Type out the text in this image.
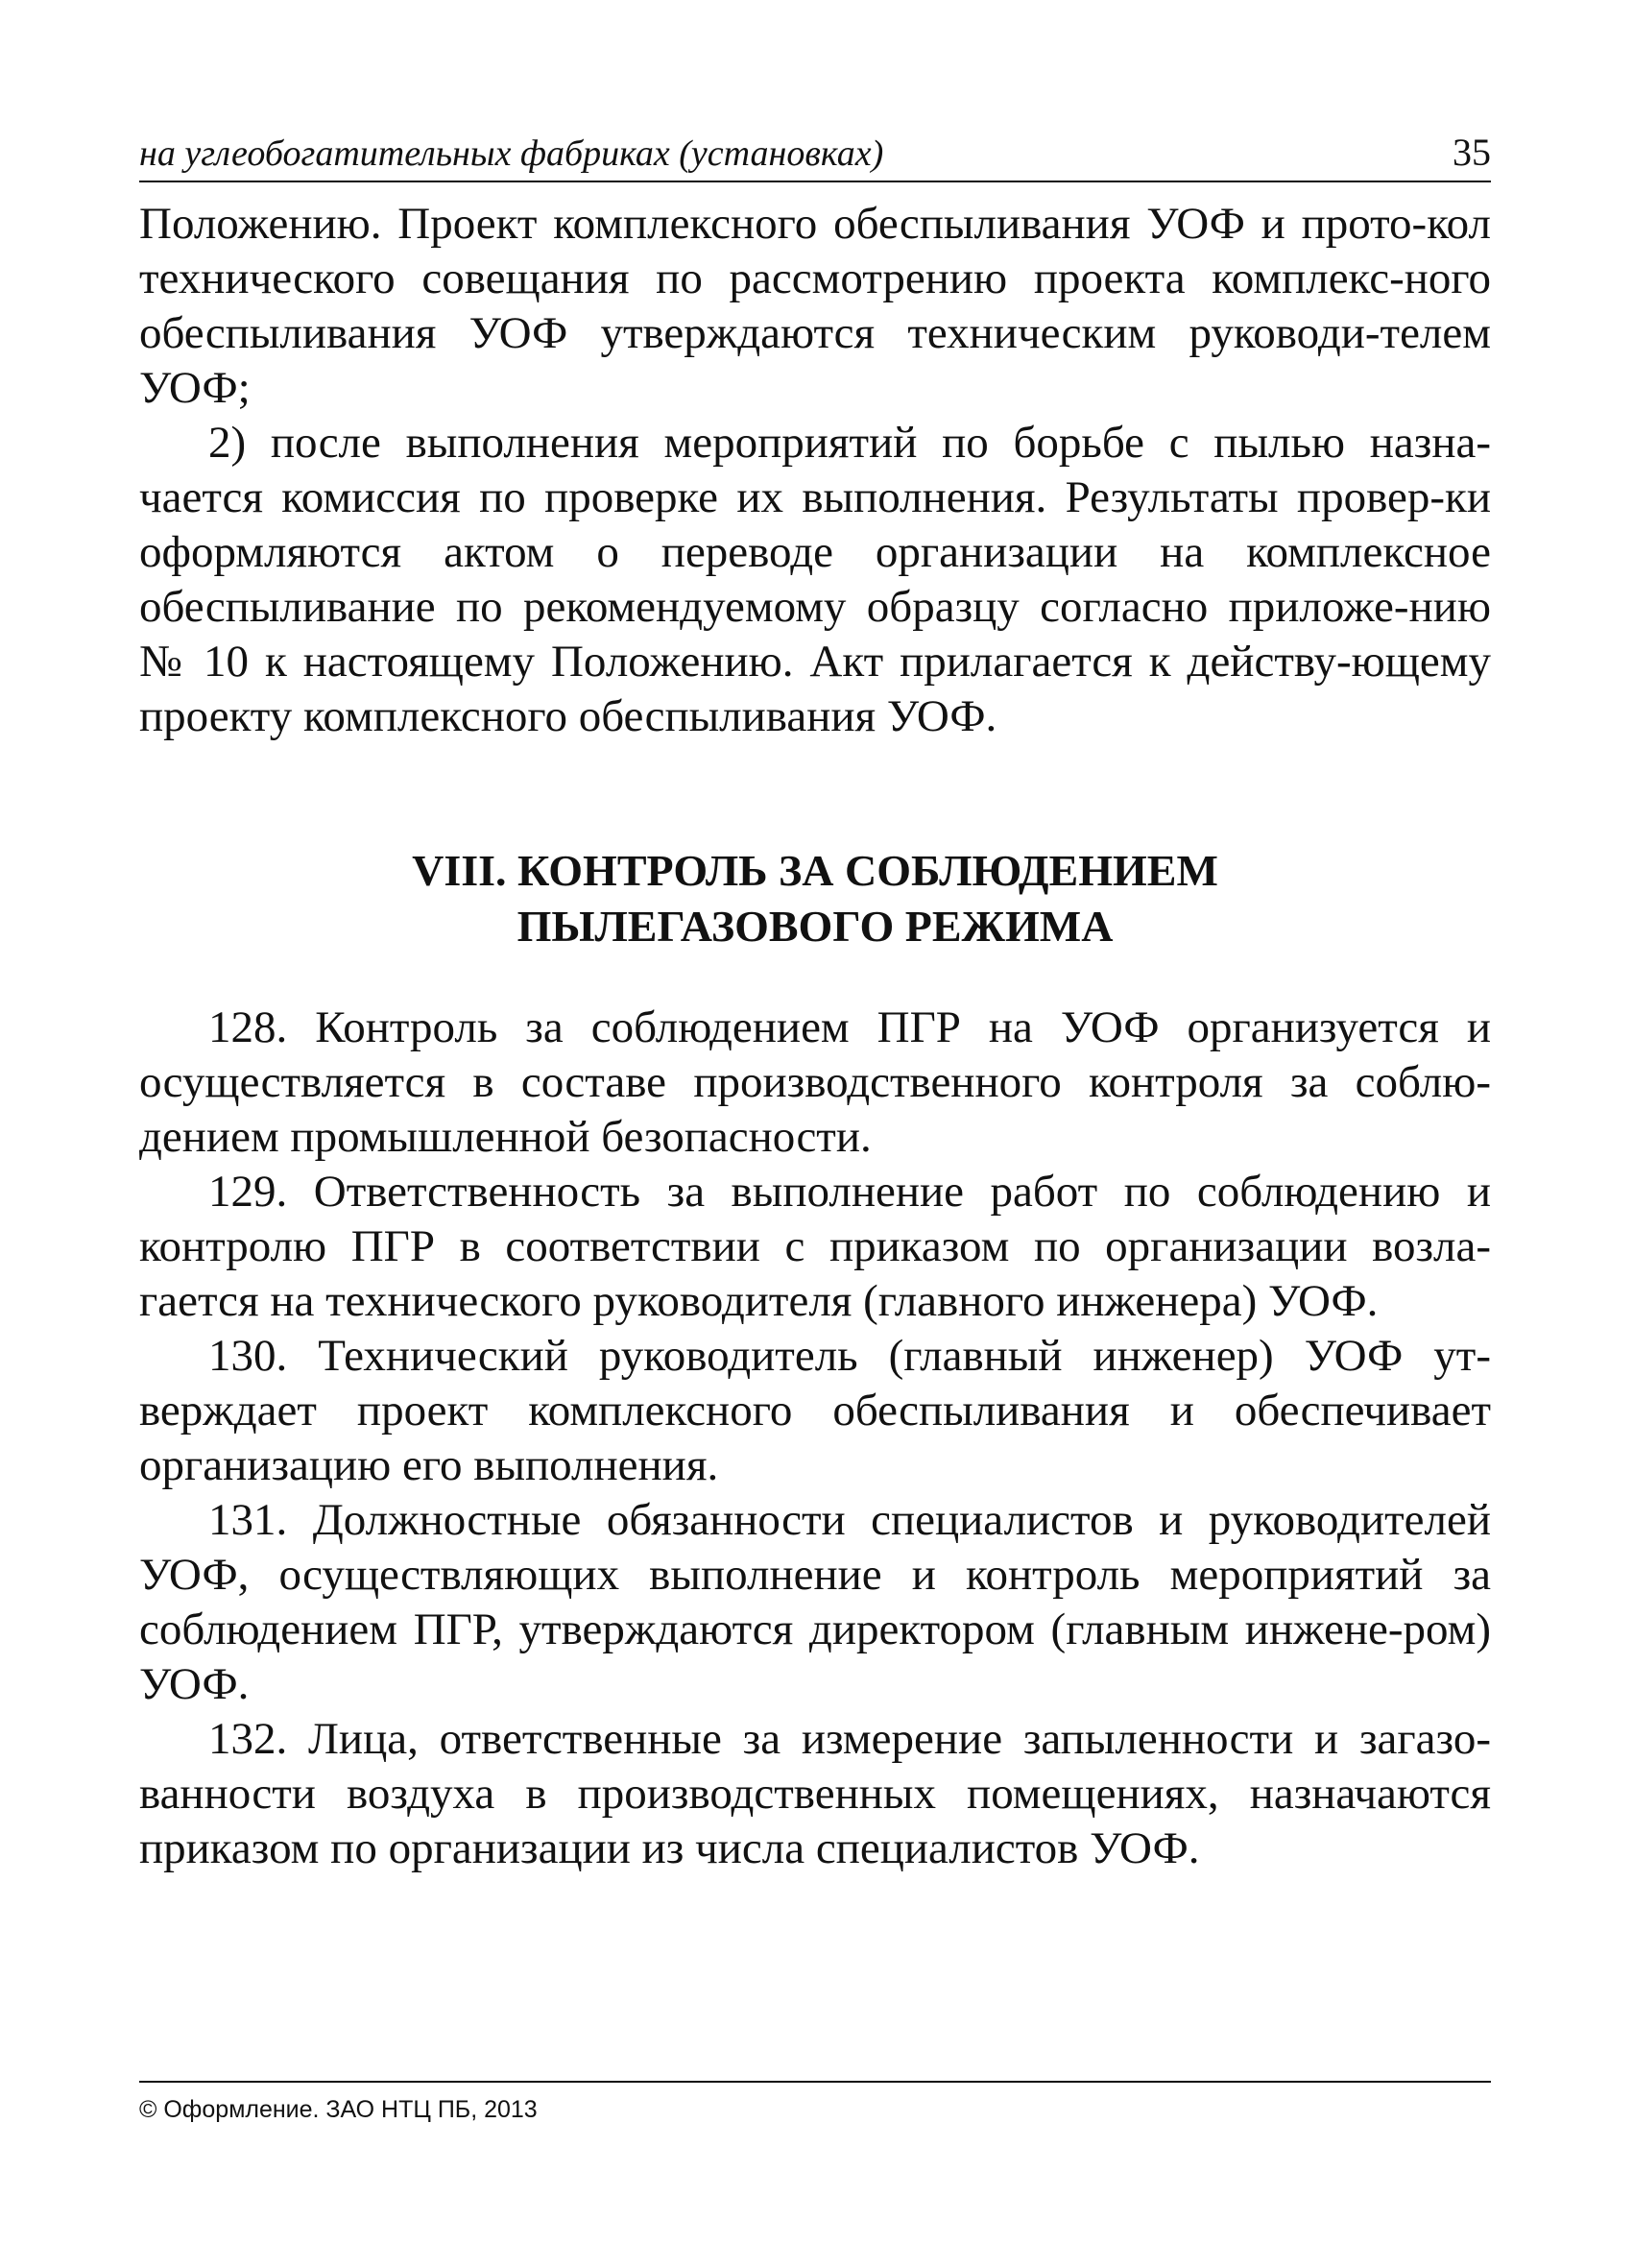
на углеобогатительных фабриках (установках)	35

Положению. Проект комплексного обеспыливания УОФ и прото-кол технического совещания по рассмотрению проекта комплекс-ного обеспыливания УОФ утверждаются техническим руководи-телем УОФ;

2) после выполнения мероприятий по борьбе с пылью назна-чается комиссия по проверке их выполнения. Результаты провер-ки оформляются актом о переводе организации на комплексное обеспыливание по рекомендуемому образцу согласно приложе-нию № 10 к настоящему Положению. Акт прилагается к действу-ющему проекту комплексного обеспыливания УОФ.

VIII. КОНТРОЛЬ ЗА СОБЛЮДЕНИЕМ
ПЫЛЕГАЗОВОГО РЕЖИМА

128. Контроль за соблюдением ПГР на УОФ организуется и осуществляется в составе производственного контроля за соблю-дением промышленной безопасности.

129. Ответственность за выполнение работ по соблюдению и контролю ПГР в соответствии с приказом по организации возла-гается на технического руководителя (главного инженера) УОФ.

130. Технический руководитель (главный инженер) УОФ ут-верждает проект комплексного обеспыливания и обеспечивает организацию его выполнения.

131. Должностные обязанности специалистов и руководителей УОФ, осуществляющих выполнение и контроль мероприятий за соблюдением ПГР, утверждаются директором (главным инжене-ром) УОФ.

132. Лица, ответственные за измерение запыленности и загазо-ванности воздуха в производственных помещениях, назначаются приказом по организации из числа специалистов УОФ.

© Оформление. ЗАО НТЦ ПБ, 2013
